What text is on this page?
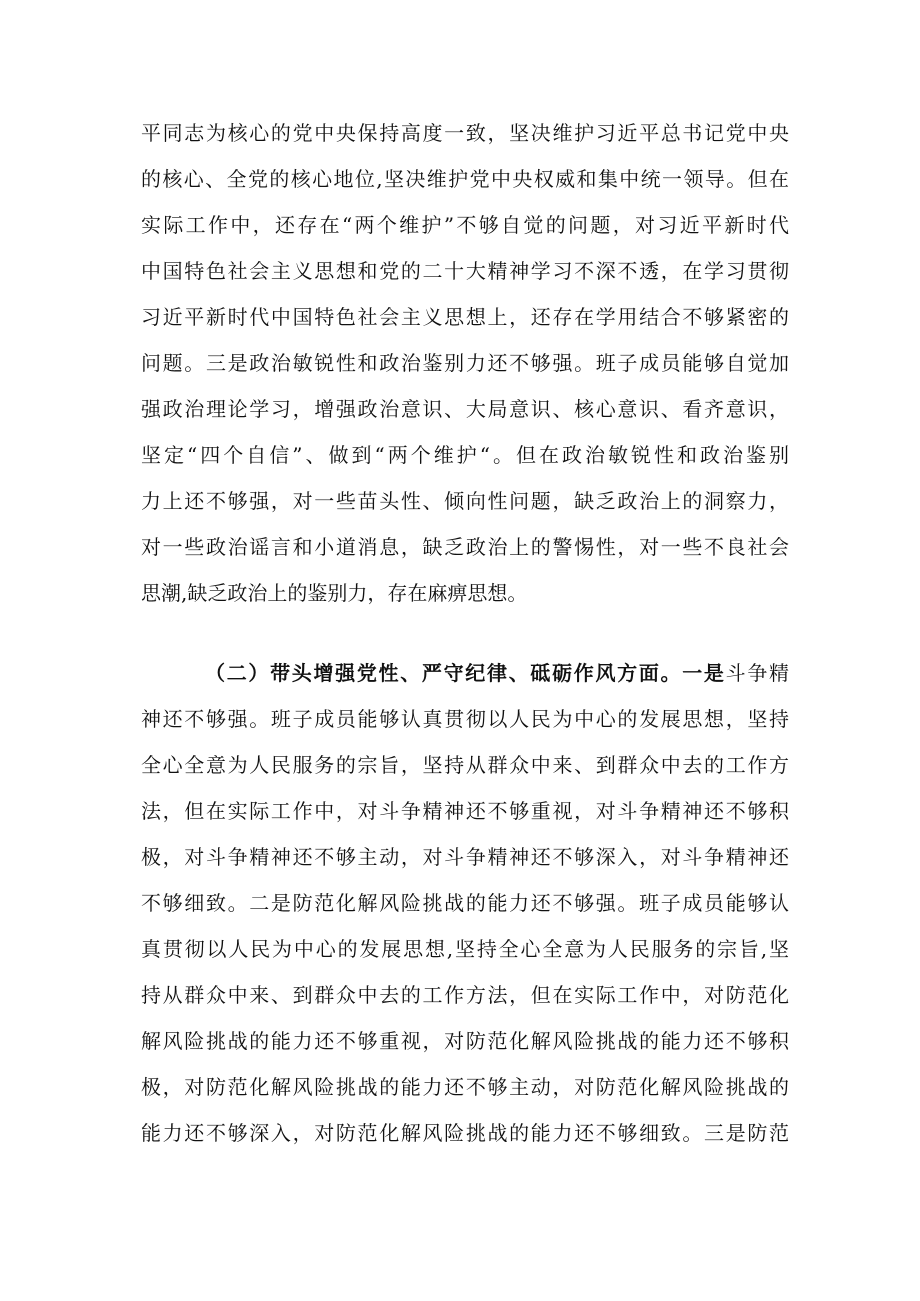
平同志为核心的党中央保持高度一致，坚决维护习近平总书记党中央
的核心、全党的核心地位,坚决维护党中央权威和集中统一领导。但在
实际工作中，还存在“两个维护”不够自觉的问题，对习近平新时代
中国特色社会主义思想和党的二十大精神学习不深不透，在学习贯彻
习近平新时代中国特色社会主义思想上，还存在学用结合不够紧密的
问题。三是政治敏锐性和政治鉴别力还不够强。班子成员能够自觉加
强政治理论学习，增强政治意识、大局意识、核心意识、看齐意识，
坚定“四个自信”、做到“两个维护“。但在政治敏锐性和政治鉴别
力上还不够强，对一些苗头性、倾向性问题，缺乏政治上的洞察力，
对一些政治谣言和小道消息，缺乏政治上的警惕性，对一些不良社会
思潮,缺乏政治上的鉴别力，存在麻痹思想。
（二）带头增强党性、严守纪律、砥砺作风方面。一是斗争精
神还不够强。班子成员能够认真贯彻以人民为中心的发展思想，坚持
全心全意为人民服务的宗旨，坚持从群众中来、到群众中去的工作方
法，但在实际工作中，对斗争精神还不够重视，对斗争精神还不够积
极，对斗争精神还不够主动，对斗争精神还不够深入，对斗争精神还
不够细致。二是防范化解风险挑战的能力还不够强。班子成员能够认
真贯彻以人民为中心的发展思想,坚持全心全意为人民服务的宗旨,坚
持从群众中来、到群众中去的工作方法，但在实际工作中，对防范化
解风险挑战的能力还不够重视，对防范化解风险挑战的能力还不够积
极，对防范化解风险挑战的能力还不够主动，对防范化解风险挑战的
能力还不够深入，对防范化解风险挑战的能力还不够细致。三是防范
